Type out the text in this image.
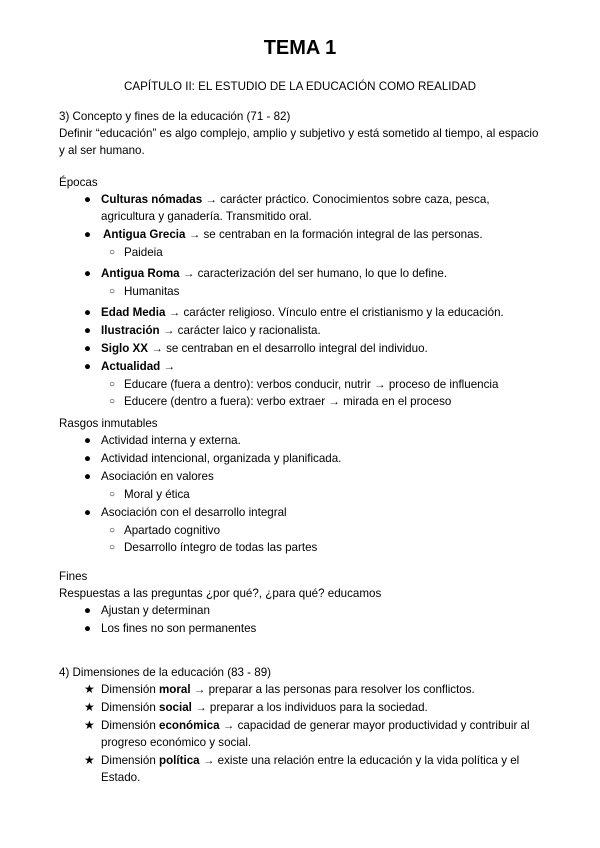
TEMA 1
CAPÍTULO II: EL ESTUDIO DE LA EDUCACIÓN COMO REALIDAD

3) Concepto y fines de la educación (71 - 82)

Definir “educación” es algo complejo, amplio y subjetivo y está sometido al tiempo, al espacio

y al ser humano.

Épocas

● Culturas nómadas → carácter práctico. Conocimientos sobre caza, pesca,
agricultura y ganadería. Transmitido oral.
●	Antigua Grecia → se centraban en la formación integral de las personas.
○ Paideia
● Antigua Roma → caracterización del ser humano, lo que lo define.
○ Humanitas
● Edad Media → carácter religioso. Vínculo entre el cristianismo y la educación.
● Ilustración → carácter laico y racionalista.
● Siglo XX → se centraban en el desarrollo integral del individuo.
● Actualidad →
○ Educare (fuera a dentro): verbos conducir, nutrir → proceso de influencia
○ Educere (dentro a fuera): verbo extraer → mirada en el proceso

Rasgos inmutables

● Actividad interna y externa.
● Actividad intencional, organizada y planificada.
● Asociación en valores
○ Moral y ética
● Asociación con el desarrollo integral
○ Apartado cognitivo
○ Desarrollo íntegro de todas las partes

Fines

Respuestas a las preguntas ¿por qué?, ¿para qué? educamos

● Ajustan y determinan
● Los fines no son permanentes

4) Dimensiones de la educación (83 - 89)

★ Dimensión moral → preparar a las personas para resolver los conflictos.
★ Dimensión social → preparar a los individuos para la sociedad.
★ Dimensión económica → capacidad de generar mayor productividad y contribuir al
progreso económico y social.
★ Dimensión política → existe una relación entre la educación y la vida política y el
Estado.
